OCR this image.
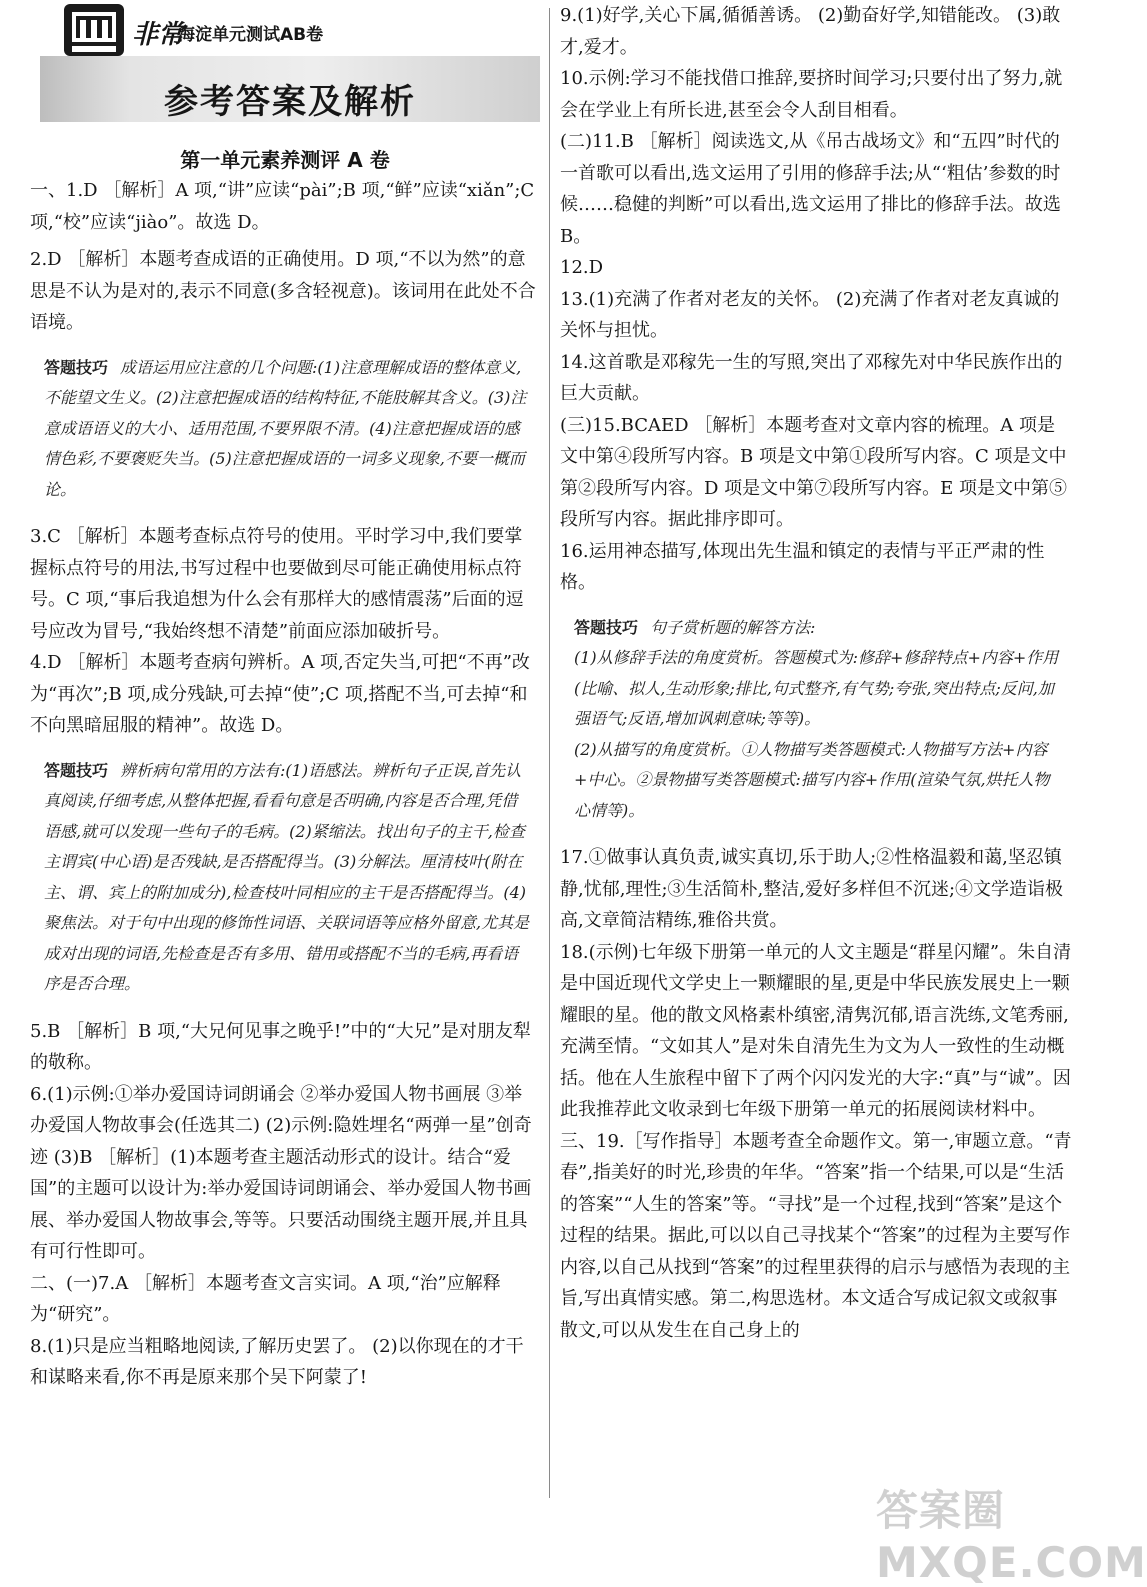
非常
海淀单元测试AB卷
参考答案及解析
第一单元素养测评 A 卷

一、1.D ［解析］A 项,“讲”应读“pài”;B 项,“鲜”应读“xiǎn”;C 项,“校”应读“jiào”。故选 D。

2.D ［解析］本题考查成语的正确使用。D 项,“不以为然”的意思是不认为是对的,表示不同意(多含轻视意)。该词用在此处不合语境。

答题技巧 成语运用应注意的几个问题:(1)注意理解成语的整体意义,不能望文生义。(2)注意把握成语的结构特征,不能肢解其含义。(3)注意成语语义的大小、适用范围,不要界限不清。(4)注意把握成语的感情色彩,不要褒贬失当。(5)注意把握成语的一词多义现象,不要一概而论。

3.C ［解析］本题考查标点符号的使用。平时学习中,我们要掌握标点符号的用法,书写过程中也要做到尽可能正确使用标点符号。C 项,“事后我追想为什么会有那样大的感情震荡”后面的逗号应改为冒号,“我始终想不清楚”前面应添加破折号。

4.D ［解析］本题考查病句辨析。A 项,否定失当,可把“不再”改为“再次”;B 项,成分残缺,可去掉“使”;C 项,搭配不当,可去掉“和不向黑暗屈服的精神”。故选 D。

答题技巧 辨析病句常用的方法有:(1)语感法。辨析句子正误,首先认真阅读,仔细考虑,从整体把握,看看句意是否明确,内容是否合理,凭借语感,就可以发现一些句子的毛病。(2)紧缩法。找出句子的主干,检查主谓宾(中心语)是否残缺,是否搭配得当。(3)分解法。厘清枝叶(附在主、谓、宾上的附加成分),检查枝叶同相应的主干是否搭配得当。(4)聚焦法。对于句中出现的修饰性词语、关联词语等应格外留意,尤其是成对出现的词语,先检查是否有多用、错用或搭配不当的毛病,再看语序是否合理。

5.B ［解析］B 项,“大兄何见事之晚乎!”中的“大兄”是对朋友犁的敬称。

6.(1)示例:①举办爱国诗词朗诵会 ②举办爱国人物书画展 ③举办爱国人物故事会(任选其二) (2)示例:隐姓埋名“两弹一星”创奇迹 (3)B ［解析］(1)本题考查主题活动形式的设计。结合“爱国”的主题可以设计为:举办爱国诗词朗诵会、举办爱国人物书画展、举办爱国人物故事会,等等。只要活动围绕主题开展,并且具有可行性即可。

二、(一)7.A ［解析］本题考查文言实词。A 项,“治”应解释为“研究”。

8.(1)只是应当粗略地阅读,了解历史罢了。 (2)以你现在的才干和谋略来看,你不再是原来那个吴下阿蒙了!

9.(1)好学,关心下属,循循善诱。 (2)勤奋好学,知错能改。 (3)敢才,爱才。

10.示例:学习不能找借口推辞,要挤时间学习;只要付出了努力,就会在学业上有所长进,甚至会令人刮目相看。

(二)11.B ［解析］阅读选文,从《吊古战场文》和“五四”时代的一首歌可以看出,选文运用了引用的修辞手法;从“‘粗估’参数的时候……稳健的判断”可以看出,选文运用了排比的修辞手法。故选 B。

12.D

13.(1)充满了作者对老友的关怀。 (2)充满了作者对老友真诚的关怀与担忧。

14.这首歌是邓稼先一生的写照,突出了邓稼先对中华民族作出的巨大贡献。

(三)15.BCAED ［解析］本题考查对文章内容的梳理。A 项是文中第④段所写内容。B 项是文中第①段所写内容。C 项是文中第②段所写内容。D 项是文中第⑦段所写内容。E 项是文中第⑤段所写内容。据此排序即可。

16.运用神态描写,体现出先生温和镇定的表情与平正严肃的性格。

答题技巧 句子赏析题的解答方法:

(1)从修辞手法的角度赏析。答题模式为:修辞+修辞特点+内容+作用(比喻、拟人,生动形象;排比,句式整齐,有气势;夸张,突出特点;反问,加强语气;反语,增加讽刺意味;等等)。

(2)从描写的角度赏析。①人物描写类答题模式:人物描写方法+内容+中心。②景物描写类答题模式:描写内容+作用(渲染气氛,烘托人物心情等)。

17.①做事认真负责,诚实真切,乐于助人;②性格温毅和蔼,坚忍镇静,忧郁,理性;③生活简朴,整洁,爱好多样但不沉迷;④文学造诣极高,文章简洁精练,雅俗共赏。

18.(示例)七年级下册第一单元的人文主题是“群星闪耀”。朱自清是中国近现代文学史上一颗耀眼的星,更是中华民族发展史上一颗耀眼的星。他的散文风格素朴缜密,清隽沉郁,语言洗练,文笔秀丽,充满至情。“文如其人”是对朱自清先生为文为人一致性的生动概括。他在人生旅程中留下了两个闪闪发光的大字:“真”与“诚”。因此我推荐此文收录到七年级下册第一单元的拓展阅读材料中。

三、19.［写作指导］本题考查全命题作文。第一,审题立意。“青春”,指美好的时光,珍贵的年华。“答案”指一个结果,可以是“生活的答案”“人生的答案”等。“寻找”是一个过程,找到“答案”是这个过程的结果。据此,可以以自己寻找某个“答案”的过程为主要写作内容,以自己从找到“答案”的过程里获得的启示与感悟为表现的主旨,写出真情实感。第二,构思选材。本文适合写成记叙文或叙事散文,可以从发生在自己身上的

答案圈 MXQE.COM
